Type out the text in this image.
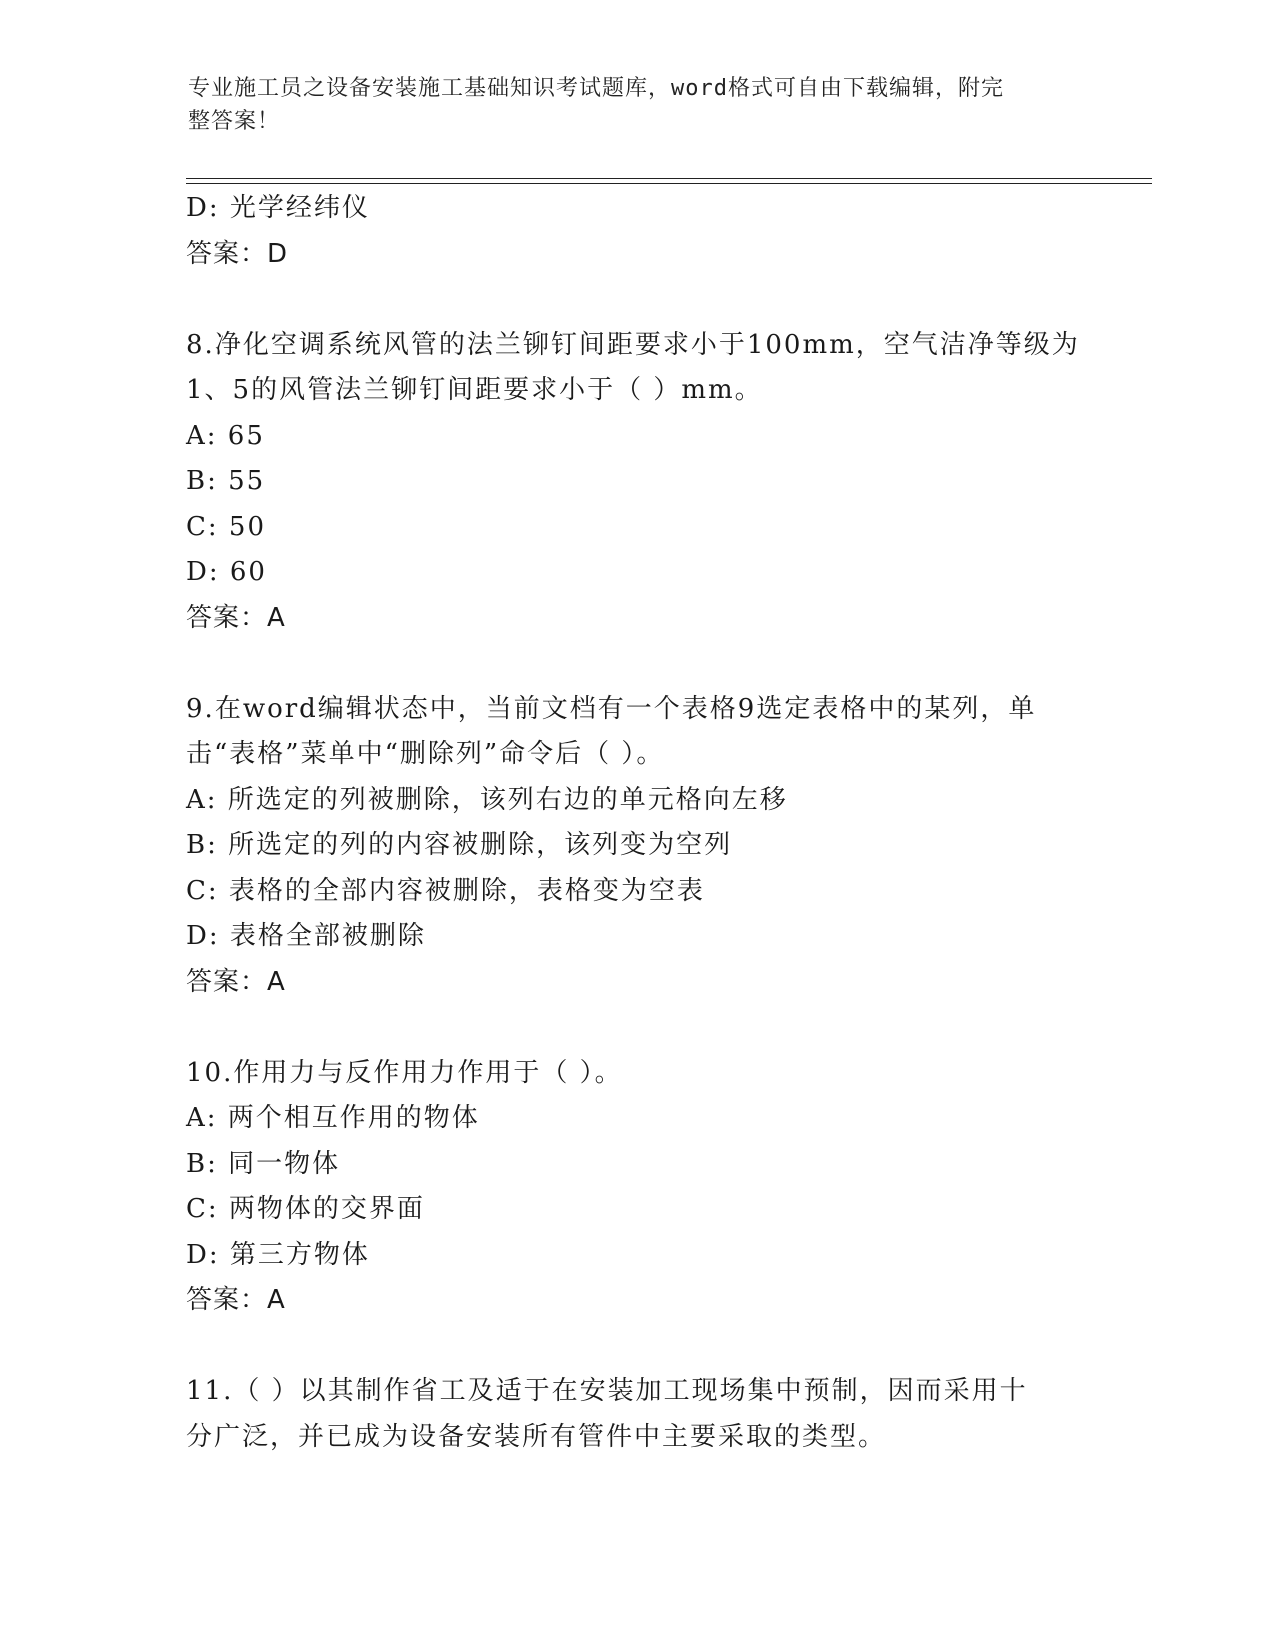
专业施工员之设备安装施工基础知识考试题库，word格式可自由下载编辑，附完
整答案！
D: 光学经纬仪
答案：D
8.净化空调系统风管的法兰铆钉间距要求小于100mm，空气洁净等级为
1、5的风管法兰铆钉间距要求小于（ ）mm。
A: 65
B: 55
C: 50
D: 60
答案：A
9.在word编辑状态中，当前文档有一个表格9选定表格中的某列，单
击“表格”菜单中“删除列”命令后（ ）。
A: 所选定的列被删除，该列右边的单元格向左移
B: 所选定的列的内容被删除，该列变为空列
C: 表格的全部内容被删除，表格变为空表
D: 表格全部被删除
答案：A
10.作用力与反作用力作用于（ ）。
A: 两个相互作用的物体
B: 同一物体
C: 两物体的交界面
D: 第三方物体
答案：A
11.（ ）以其制作省工及适于在安装加工现场集中预制，因而采用十
分广泛，并已成为设备安装所有管件中主要采取的类型。
